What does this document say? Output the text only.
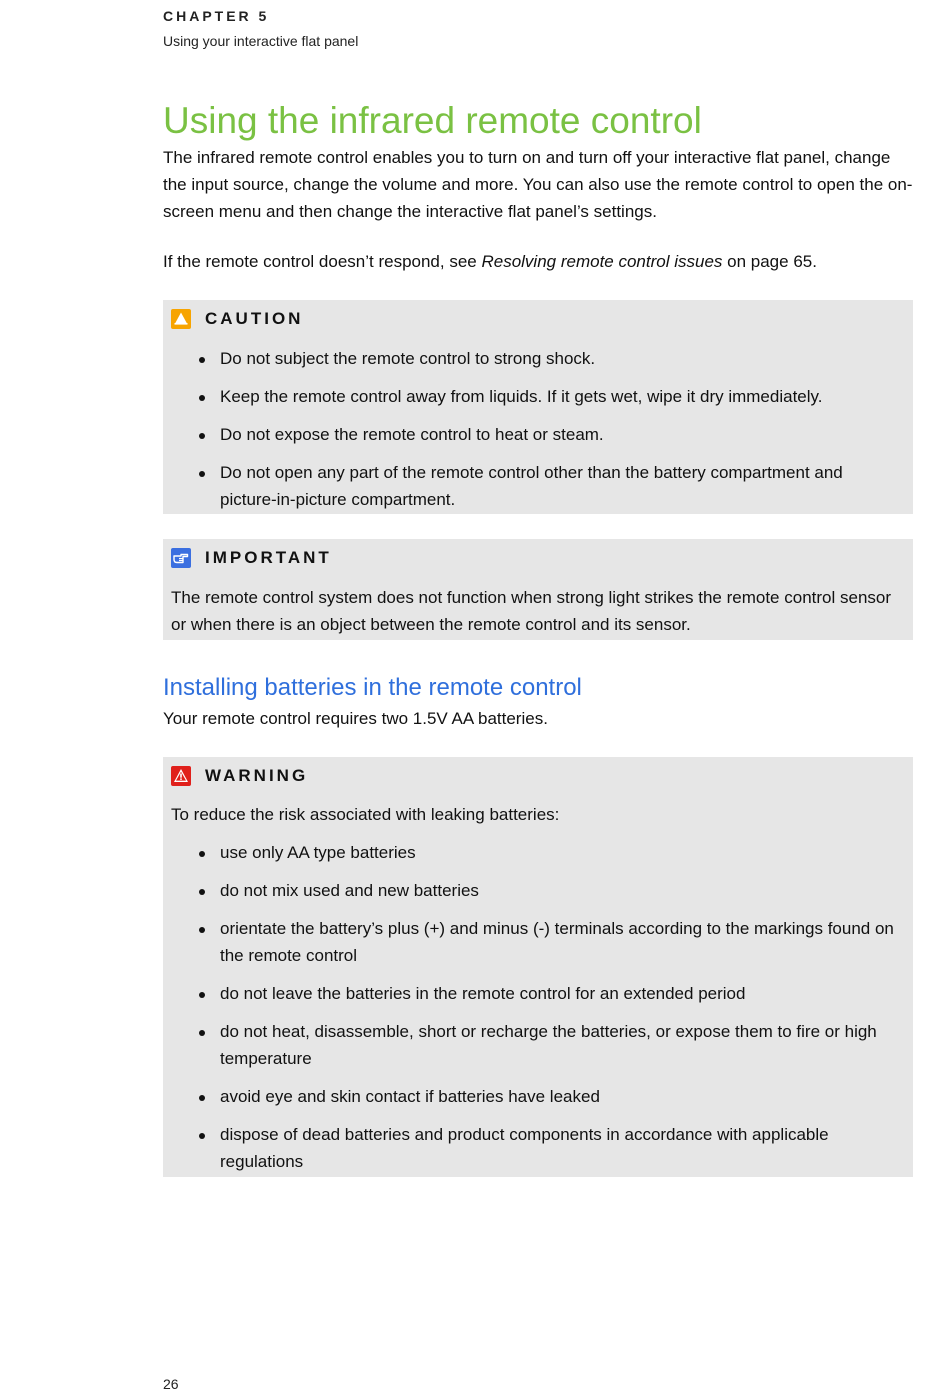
CHAPTER 5
Using your interactive flat panel
Using the infrared remote control
The infrared remote control enables you to turn on and turn off your interactive flat panel, change the input source, change the volume and more. You can also use the remote control to open the on-screen menu and then change the interactive flat panel’s settings.
If the remote control doesn’t respond, see Resolving remote control issues on page 65.
CAUTION
Do not subject the remote control to strong shock.
Keep the remote control away from liquids. If it gets wet, wipe it dry immediately.
Do not expose the remote control to heat or steam.
Do not open any part of the remote control other than the battery compartment and picture-in-picture compartment.
IMPORTANT
The remote control system does not function when strong light strikes the remote control sensor or when there is an object between the remote control and its sensor.
Installing batteries in the remote control
Your remote control requires two 1.5V AA batteries.
WARNING
To reduce the risk associated with leaking batteries:
use only AA type batteries
do not mix used and new batteries
orientate the battery’s plus (+) and minus (-) terminals according to the markings found on the remote control
do not leave the batteries in the remote control for an extended period
do not heat, disassemble, short or recharge the batteries, or expose them to fire or high temperature
avoid eye and skin contact if batteries have leaked
dispose of dead batteries and product components in accordance with applicable regulations
26
